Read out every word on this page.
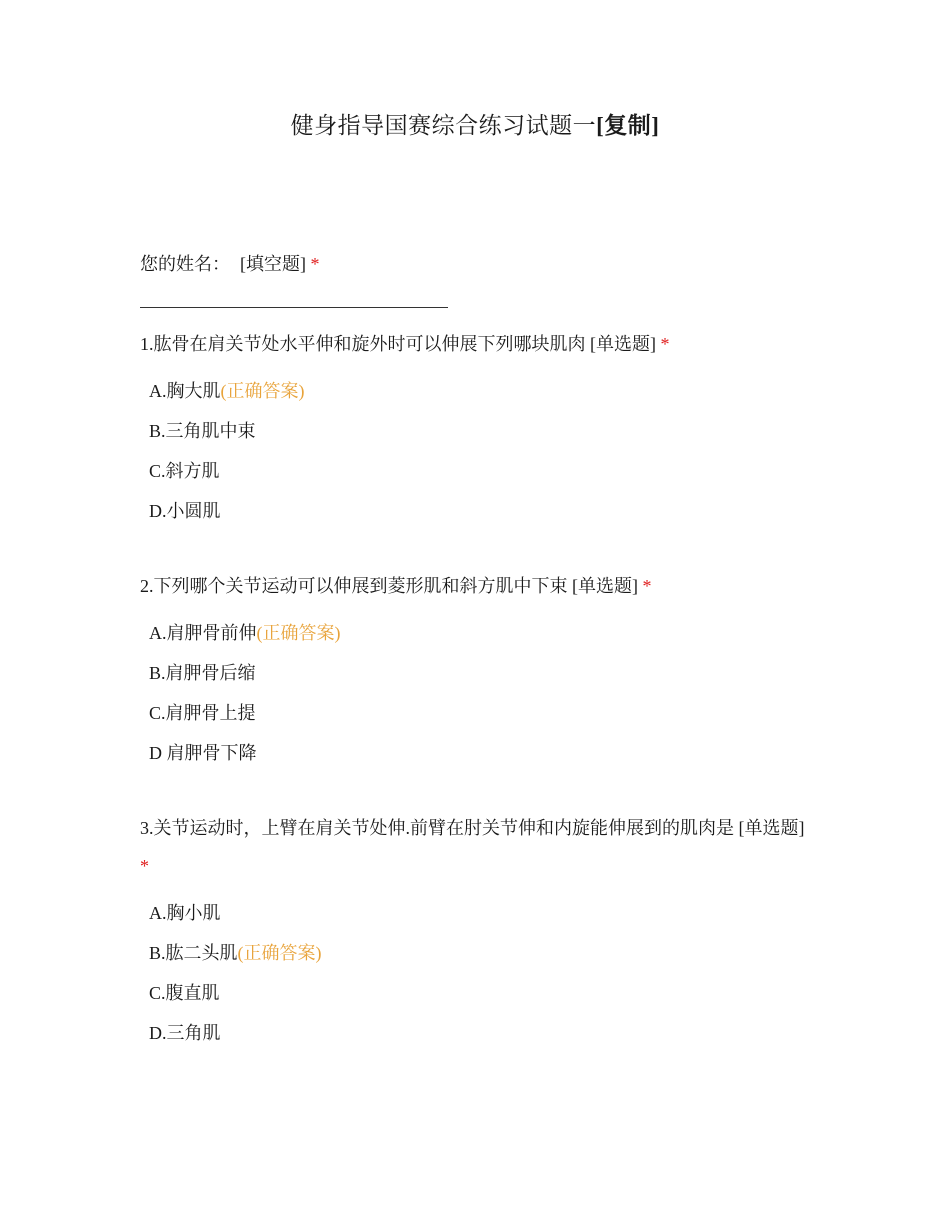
健身指导国赛综合练习试题一[复制]
您的姓名： [填空题] *

1.肱骨在肩关节处水平伸和旋外时可以伸展下列哪块肌肉 [单选题] *

A.胸大肌(正确答案)
B.三角肌中束
C.斜方肌
D.小圆肌

2.下列哪个关节运动可以伸展到菱形肌和斜方肌中下束 [单选题] *

A.肩胛骨前伸(正确答案)
B.肩胛骨后缩
C.肩胛骨上提
D 肩胛骨下降

3.关节运动时，上臂在肩关节处伸.前臂在肘关节伸和内旋能伸展到的肌肉是 [单选题] *

A.胸小肌
B.肱二头肌(正确答案)
C.腹直肌
D.三角肌
